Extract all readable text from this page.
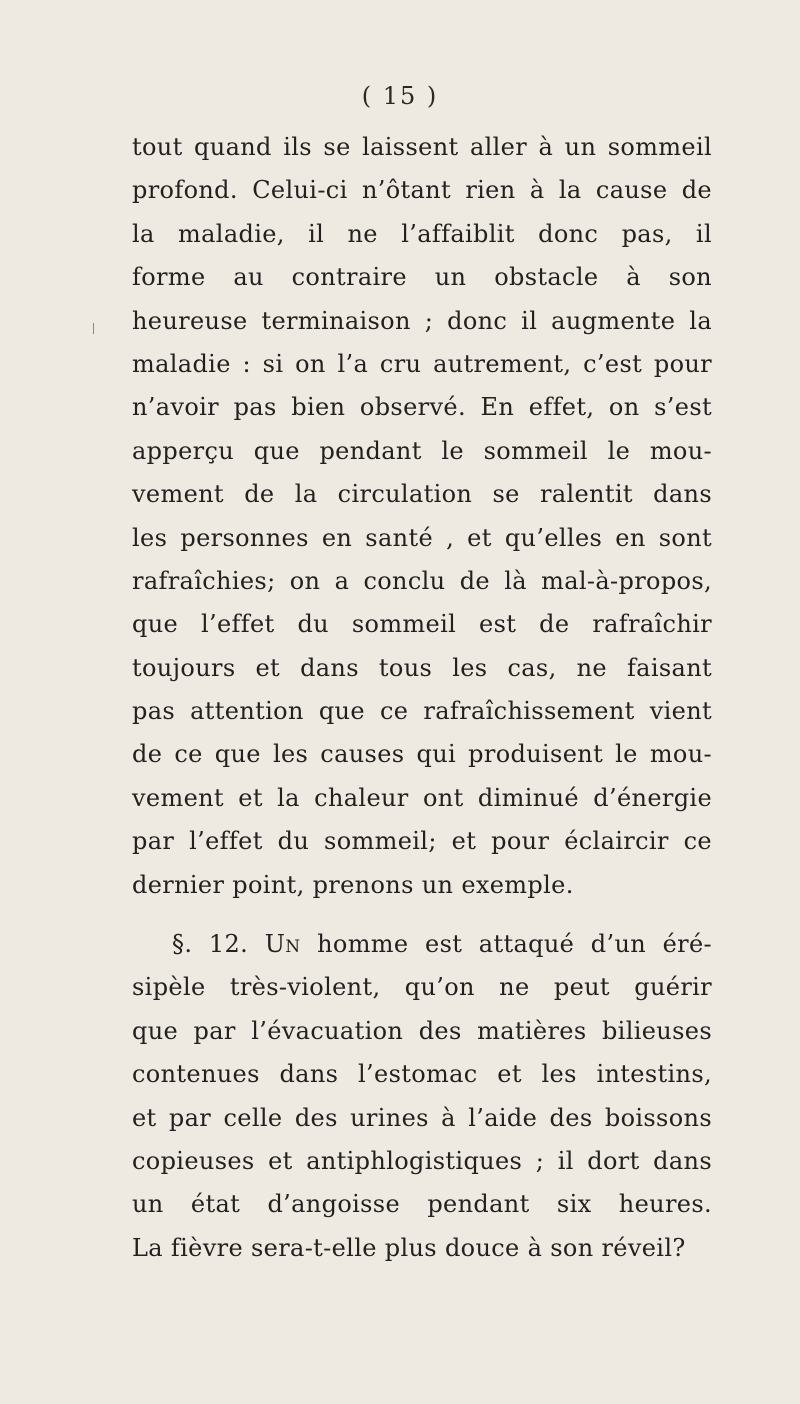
( 15 )
tout quand ils se laissent aller à un sommeil
profond. Celui-ci n’ôtant rien à la cause de
la maladie, il ne l’affaiblit donc pas, il
forme au contraire un obstacle à son
heureuse terminaison ; donc il augmente la
maladie : si on l’a cru autrement, c’est pour
n’avoir pas bien observé. En effet, on s’est
apperçu que pendant le sommeil le mou-
vement de la circulation se ralentit dans
les personnes en santé , et qu’elles en sont
rafraîchies; on a conclu de là mal-à-propos,
que l’effet du sommeil est de rafraîchir
toujours et dans tous les cas, ne faisant
pas attention que ce rafraîchissement vient
de ce que les causes qui produisent le mou-
vement et la chaleur ont diminué d’énergie
par l’effet du sommeil; et pour éclaircir ce
dernier point, prenons un exemple.
§. 12. Un homme est attaqué d’un éré-
sipèle très-violent, qu’on ne peut guérir
que par l’évacuation des matières bilieuses
contenues dans l’estomac et les intestins,
et par celle des urines à l’aide des boissons
copieuses et antiphlogistiques ; il dort dans
un état d’angoisse pendant six heures.
La fièvre sera-t-elle plus douce à son réveil?
